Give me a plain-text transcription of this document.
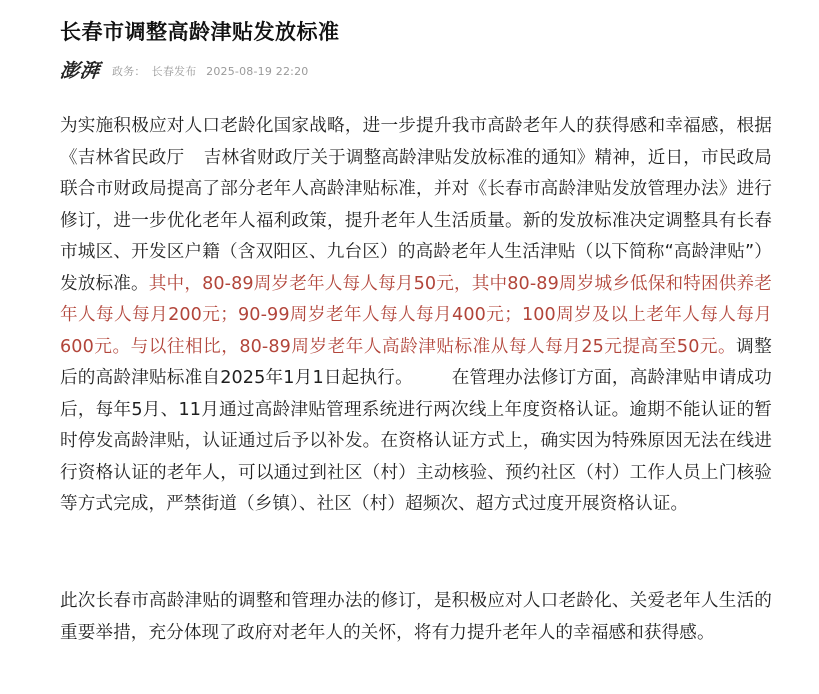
长春市调整高龄津贴发放标准
澎湃 政务： 长春发布 2025-08-19 22:20

为实施积极应对人口老龄化国家战略，进一步提升我市高龄老年人的获得感和幸福感，根据《吉林省民政厅 吉林省财政厅关于调整高龄津贴发放标准的通知》精神，近日，市民政局联合市财政局提高了部分老年人高龄津贴标准，并对《长春市高龄津贴发放管理办法》进行修订，进一步优化老年人福利政策，提升老年人生活质量。新的发放标准决定调整具有长春市城区、开发区户籍（含双阳区、九台区）的高龄老年人生活津贴（以下简称“高龄津贴”）发放标准。其中，80-89周岁老年人每人每月50元，其中80-89周岁城乡低保和特困供养老年人每人每月200元；90-99周岁老年人每人每月400元；100周岁及以上老年人每人每月600元。与以往相比，80-89周岁老年人高龄津贴标准从每人每月25元提高至50元。调整后的高龄津贴标准自2025年1月1日起执行。 在管理办法修订方面，高龄津贴申请成功后，每年5月、11月通过高龄津贴管理系统进行两次线上年度资格认证。逾期不能认证的暂时停发高龄津贴，认证通过后予以补发。在资格认证方式上，确实因为特殊原因无法在线进行资格认证的老年人，可以通过到社区（村）主动核验、预约社区（村）工作人员上门核验等方式完成，严禁街道（乡镇）、社区（村）超频次、超方式过度开展资格认证。

此次长春市高龄津贴的调整和管理办法的修订，是积极应对人口老龄化、关爱老年人生活的重要举措，充分体现了政府对老年人的关怀，将有力提升老年人的幸福感和获得感。
